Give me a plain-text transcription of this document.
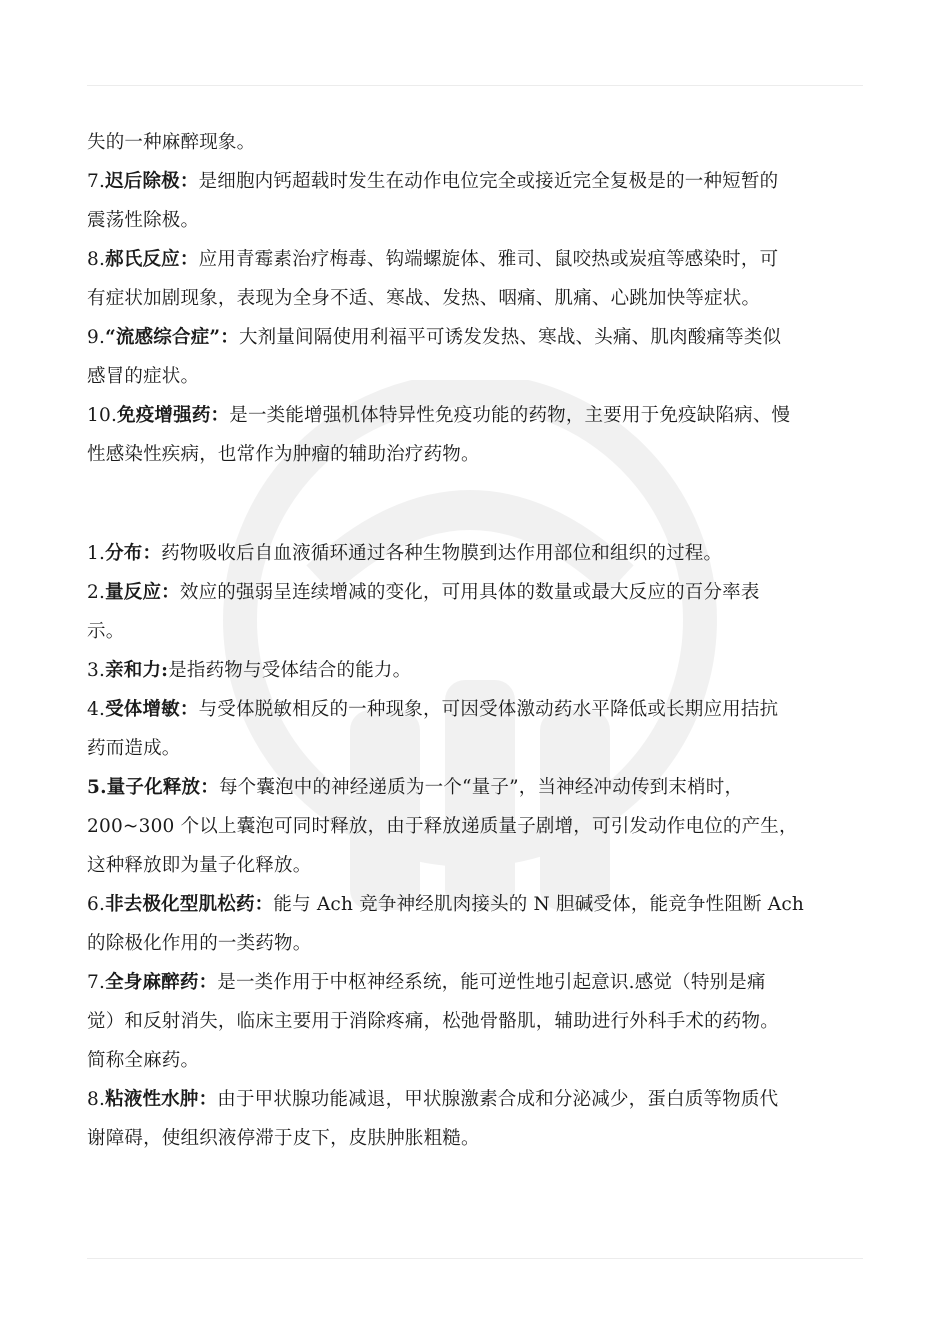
失的一种麻醉现象。
7.迟后除极：是细胞内钙超载时发生在动作电位完全或接近完全复极是的一种短暂的
震荡性除极。
8.郝氏反应：应用青霉素治疗梅毒、钩端螺旋体、雅司、鼠咬热或炭疽等感染时，可
有症状加剧现象，表现为全身不适、寒战、发热、咽痛、肌痛、心跳加快等症状。
9.“流感综合症”：大剂量间隔使用利福平可诱发发热、寒战、头痛、肌肉酸痛等类似
感冒的症状。
10.免疫增强药：是一类能增强机体特异性免疫功能的药物，主要用于免疫缺陷病、慢
性感染性疾病，也常作为肿瘤的辅助治疗药物。
1.分布：药物吸收后自血液循环通过各种生物膜到达作用部位和组织的过程。
2.量反应：效应的强弱呈连续增减的变化，可用具体的数量或最大反应的百分率表
示。
3.亲和力:是指药物与受体结合的能力。
4.受体增敏：与受体脱敏相反的一种现象，可因受体激动药水平降低或长期应用拮抗
药而造成。
5.量子化释放：每个囊泡中的神经递质为一个“量子”，当神经冲动传到末梢时，
200~300 个以上囊泡可同时释放，由于释放递质量子剧增，可引发动作电位的产生，
这种释放即为量子化释放。
6.非去极化型肌松药：能与 Ach 竞争神经肌肉接头的 N 胆碱受体，能竞争性阻断 Ach
的除极化作用的一类药物。
7.全身麻醉药：是一类作用于中枢神经系统，能可逆性地引起意识.感觉（特别是痛
觉）和反射消失，临床主要用于消除疼痛，松弛骨骼肌，辅助进行外科手术的药物。
简称全麻药。
8.粘液性水肿：由于甲状腺功能减退，甲状腺激素合成和分泌减少，蛋白质等物质代
谢障碍，使组织液停滞于皮下，皮肤肿胀粗糙。
